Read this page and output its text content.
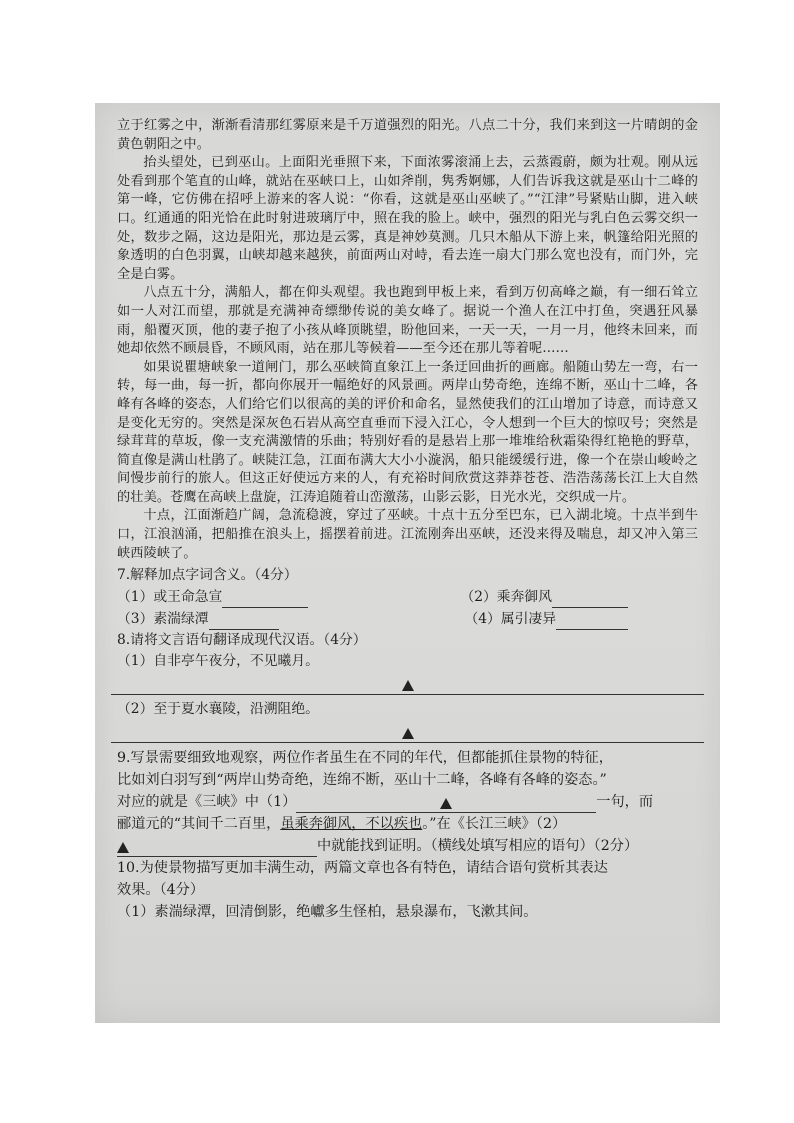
立于红雾之中，渐渐看清那红雾原来是千万道强烈的阳光。八点二十分，我们来到这一片晴朗的金黄色朝阳之中。

抬头望处，已到巫山。上面阳光垂照下来，下面浓雾滚涌上去，云蒸霞蔚，颇为壮观。刚从远处看到那个笔直的山峰，就站在巫峡口上，山如斧削，隽秀婀娜，人们告诉我这就是巫山十二峰的第一峰，它仿佛在招呼上游来的客人说：“你看，这就是巫山巫峡了。”“江津”号紧贴山脚，进入峡口。红通通的阳光恰在此时射进玻璃厅中，照在我的脸上。峡中，强烈的阳光与乳白色云雾交织一处，数步之隔，这边是阳光，那边是云雾，真是神妙莫测。几只木船从下游上来，帆篷给阳光照的象透明的白色羽翼，山峡却越来越狭，前面两山对峙，看去连一扇大门那么宽也没有，而门外，完全是白雾。

八点五十分，满船人，都在仰头观望。我也跑到甲板上来，看到万仞高峰之巅，有一细石耸立如一人对江而望，那就是充满神奇缥缈传说的美女峰了。据说一个渔人在江中打鱼，突遇狂风暴雨，船覆灭顶，他的妻子抱了小孩从峰顶眺望，盼他回来，一天一天，一月一月，他终未回来，而她却依然不顾晨昏，不顾风雨，站在那儿等候着——至今还在那儿等着呢……

如果说瞿塘峡象一道闸门，那么巫峡简直象江上一条迂回曲折的画廊。船随山势左一弯，右一转，每一曲，每一折，都向你展开一幅绝好的风景画。两岸山势奇绝，连绵不断，巫山十二峰，各峰有各峰的姿态，人们给它们以很高的美的评价和命名，显然使我们的江山增加了诗意，而诗意又是变化无穷的。突然是深灰色石岩从高空直垂而下浸入江心，令人想到一个巨大的惊叹号；突然是绿茸茸的草坂，像一支充满激情的乐曲；特别好看的是悬岩上那一堆堆给秋霜染得红艳艳的野草，简直像是满山杜鹃了。峡陡江急，江面布满大大小小漩涡，船只能缓缓行进，像一个在崇山峻岭之间慢步前行的旅人。但这正好使远方来的人，有充裕时间欣赏这莽莽苍苍、浩浩荡荡长江上大自然的壮美。苍鹰在高峡上盘旋，江涛追随着山峦激荡，山影云影，日光水光，交织成一片。

十点，江面渐趋广阔，急流稳渡，穿过了巫峡。十点十五分至巴东，已入湖北境。十点半到牛口，江浪汹涌，把船推在浪头上，摇摆着前进。江流刚奔出巫峡，还没来得及喘息，却又冲入第三峡西陵峡了。

7.解释加点字词含义。（4分）

（1）或王命急宣	（2）乘奔御风
（3）素湍绿潭	（4）属引凄异

8.请将文言语句翻译成现代汉语。（4分）

（1）自非亭午夜分，不见曦月。

（2）至于夏水襄陵，沿溯阻绝。

9.写景需要细致地观察，两位作者虽生在不同的年代，但都能抓住景物的特征，

比如刘白羽写到“两岸山势奇绝，连绵不断，巫山十二峰，各峰有各峰的姿态。”

对应的就是《三峡》中（1）	一句，而

郦道元的“其间千二百里，虽乘奔御风，不以疾也。”在《长江三峡》（2）

中就能找到证明。（横线处填写相应的语句）（2分）

10.为使景物描写更加丰满生动，两篇文章也各有特色，请结合语句赏析其表达

效果。（4分）

（1）素湍绿潭，回清倒影，绝巘多生怪柏，悬泉瀑布，飞漱其间。
